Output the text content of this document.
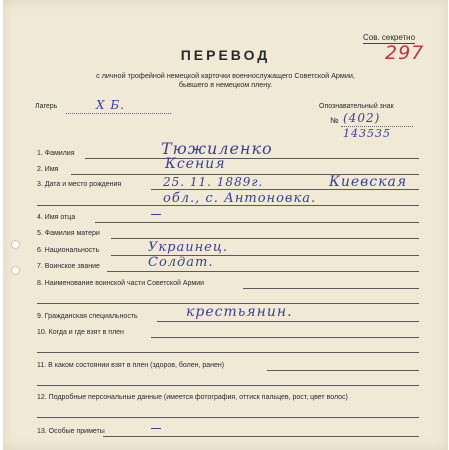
Сов. секретно
297
ПЕРЕВОД
с личной трофейной немецкой карточки военнослужащего Советской Армии,
бывшего в немецком плену.
Лагерь	Х Б.	Опознавательный знак
№ (402)
143535
1. Фамилия	Тюжиленко
2. Имя	Ксения
3. Дата и место рождения	25. 11. 1889г.	Киевская
обл., с. Антоновка.
4. Имя отца
5. Фамилия матери
6. Национальность	Украинец.
7. Воинское звание	Солдат.
8. Наименование воинской части Советской Армии
9. Гражданская специальность	крестьянин.
10. Когда и где взят в плен
11. В каком состоянии взят в плен (здоров, болен, ранен)
12. Подробные персональные данные (имеется фотография, оттиск пальцев, рост, цвет волос)
13. Особые приметы
